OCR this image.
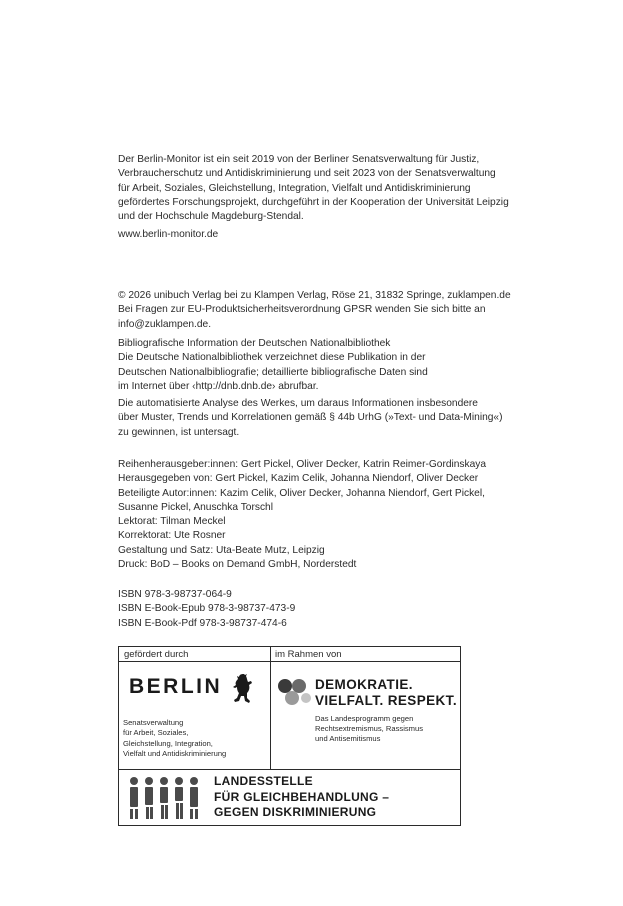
Der Berlin-Monitor ist ein seit 2019 von der Berliner Senatsverwaltung für Justiz,
Verbraucherschutz und Antidiskriminierung und seit 2023 von der Senatsverwaltung
für Arbeit, Soziales, Gleichstellung, Integration, Vielfalt und Antidiskriminierung
gefördertes Forschungsprojekt, durchgeführt in der Kooperation der Universität Leipzig
und der Hochschule Magdeburg-Stendal.
www.berlin-monitor.de
© 2026 unibuch Verlag bei zu Klampen Verlag, Röse 21, 31832 Springe, zuklampen.de
Bei Fragen zur EU-Produktsicherheitsverordnung GPSR wenden Sie sich bitte an
info@zuklampen.de.
Bibliografische Information der Deutschen Nationalbibliothek
Die Deutsche Nationalbibliothek verzeichnet diese Publikation in der
Deutschen Nationalbibliografie; detaillierte bibliografische Daten sind
im Internet über ‹http://dnb.dnb.de› abrufbar.
Die automatisierte Analyse des Werkes, um daraus Informationen insbesondere
über Muster, Trends und Korrelationen gemäß § 44b UrhG (»Text- und Data-Mining«)
zu gewinnen, ist untersagt.
Reihenherausgeber:innen: Gert Pickel, Oliver Decker, Katrin Reimer-Gordinskaya
Herausgegeben von: Gert Pickel, Kazim Celik, Johanna Niendorf, Oliver Decker
Beteiligte Autor:innen: Kazim Celik, Oliver Decker, Johanna Niendorf, Gert Pickel,
Susanne Pickel, Anuschka Torschl
Lektorat: Tilman Meckel
Korrektorat: Ute Rosner
Gestaltung und Satz: Uta-Beate Mutz, Leipzig
Druck: BoD – Books on Demand GmbH, Norderstedt
ISBN 978-3-98737-064-9
ISBN E-Book-Epub 978-3-98737-473-9
ISBN E-Book-Pdf 978-3-98737-474-6
gefördert durch	im Rahmen von
BERLIN
Senatsverwaltung
für Arbeit, Soziales,
Gleichstellung, Integration,
Vielfalt und Antidiskriminierung
DEMOKRATIE.
VIELFALT. RESPEKT.
Das Landesprogramm gegen
Rechtsextremismus, Rassismus
und Antisemitismus
LANDESSTELLE
FÜR GLEICHBEHANDLUNG –
GEGEN DISKRIMINIERUNG
